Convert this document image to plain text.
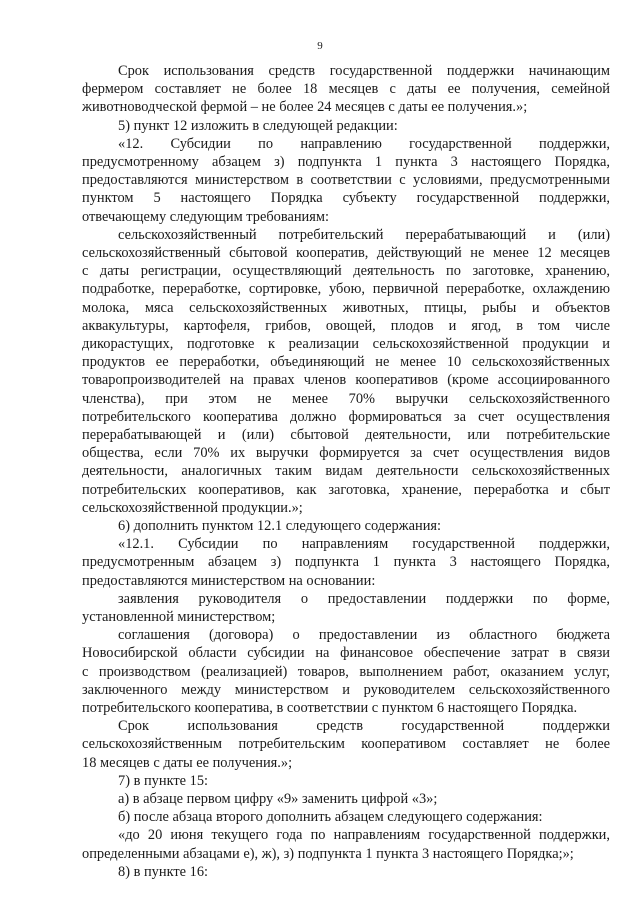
9
Срок использования средств государственной поддержки начинающим
фермером составляет не более 18 месяцев с даты ее получения, семейной
животноводческой фермой – не более 24 месяцев с даты ее получения.»;
5) пункт 12 изложить в следующей редакции:
«12. Субсидии по направлению государственной поддержки,
предусмотренному абзацем з) подпункта 1 пункта 3 настоящего Порядка,
предоставляются министерством в соответствии с условиями, предусмотренными
пунктом 5 настоящего Порядка субъекту государственной поддержки,
отвечающему следующим требованиям:
сельскохозяйственный потребительский перерабатывающий и (или)
сельскохозяйственный сбытовой кооператив, действующий не менее 12 месяцев
с даты регистрации, осуществляющий деятельность по заготовке, хранению,
подработке, переработке, сортировке, убою, первичной переработке, охлаждению
молока, мяса сельскохозяйственных животных, птицы, рыбы и объектов
аквакультуры, картофеля, грибов, овощей, плодов и ягод, в том числе
дикорастущих, подготовке к реализации сельскохозяйственной продукции и
продуктов ее переработки, объединяющий не менее 10 сельскохозяйственных
товаропроизводителей на правах членов кооперативов (кроме ассоциированного
членства), при этом не менее 70% выручки сельскохозяйственного
потребительского кооператива должно формироваться за счет осуществления
перерабатывающей и (или) сбытовой деятельности, или потребительские
общества, если 70% их выручки формируется за счет осуществления видов
деятельности, аналогичных таким видам деятельности сельскохозяйственных
потребительских кооперативов, как заготовка, хранение, переработка и сбыт
сельскохозяйственной продукции.»;
6) дополнить пунктом 12.1 следующего содержания:
«12.1. Субсидии по направлениям государственной поддержки,
предусмотренным абзацем з) подпункта 1 пункта 3 настоящего Порядка,
предоставляются министерством на основании:
заявления руководителя о предоставлении поддержки по форме,
установленной министерством;
соглашения (договора) о предоставлении из областного бюджета
Новосибирской области субсидии на финансовое обеспечение затрат в связи
с производством (реализацией) товаров, выполнением работ, оказанием услуг,
заключенного между министерством и руководителем сельскохозяйственного
потребительского кооператива, в соответствии с пунктом 6 настоящего Порядка.
Срок использования средств государственной поддержки
сельскохозяйственным потребительским кооперативом составляет не более
18 месяцев с даты ее получения.»;
7) в пункте 15:
а) в абзаце первом цифру «9» заменить цифрой «3»;
б) после абзаца второго дополнить абзацем следующего содержания:
«до 20 июня текущего года по направлениям государственной поддержки,
определенными абзацами е), ж), з) подпункта 1 пункта 3 настоящего Порядка;»;
8) в пункте 16:
